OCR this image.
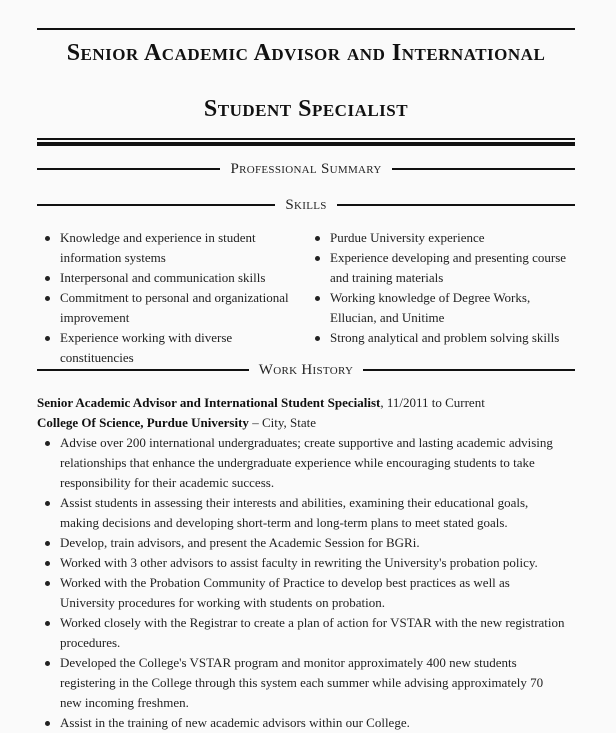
Senior Academic Advisor and International
Student Specialist
Professional Summary
Skills
Knowledge and experience in student information systems
Interpersonal and communication skills
Commitment to personal and organizational improvement
Experience working with diverse constituencies
Purdue University experience
Experience developing and presenting course and training materials
Working knowledge of Degree Works, Ellucian, and Unitime
Strong analytical and problem solving skills
Work History
Senior Academic Advisor and International Student Specialist, 11/2011 to Current
College Of Science, Purdue University – City, State
Advise over 200 international undergraduates; create supportive and lasting academic advising relationships that enhance the undergraduate experience while encouraging students to take responsibility for their academic success.
Assist students in assessing their interests and abilities, examining their educational goals, making decisions and developing short-term and long-term plans to meet stated goals.
Develop, train advisors, and present the Academic Session for BGRi.
Worked with 3 other advisors to assist faculty in rewriting the University's probation policy.
Worked with the Probation Community of Practice to develop best practices as well as University procedures for working with students on probation.
Worked closely with the Registrar to create a plan of action for VSTAR with the new registration procedures.
Developed the College's VSTAR program and monitor approximately 400 new students registering in the College through this system each summer while advising approximately 70 new incoming freshmen.
Assist in the training of new academic advisors within our College.
